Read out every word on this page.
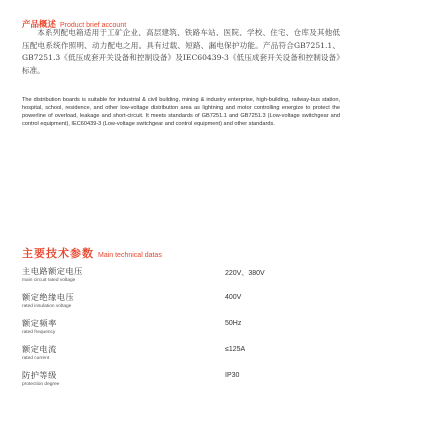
产品概述 Product brief account

本系列配电箱适用于工矿企业、高层建筑、铁路车站、医院、学校、住宅、仓库及其他低压配电系统作照明、动力配电之用。具有过载、短路、漏电保护功能。产品符合GB7251.1、GB7251.3《低压成套开关设备和控制设备》及IEC60439-3《低压成套开关设备和控制设备》标准。

The distribution boards is suitable for industrial & civil building, mining & industry enterprise, high-building, railway-bus station, hospital, school, residence, and other low-voltage distribution area as lightning and motor controlling energize to protect the powerline of overload, leakage and short-circuit. It meets standards of GB7251.1 and GB7251.3 (Low-voltage switchgear and control equipment), IEC60439-3 (Low-voltage switchgear and control equipment) and other standards.

主要技术参数 Main technical datas
主电路额定电压
main circuit rated voltage
220V、380V
额定绝缘电压
rated insulation voltage
400V
额定频率
rated frequency
50Hz
额定电流
rated current
≤125A
防护等级
protection degree
IP30
